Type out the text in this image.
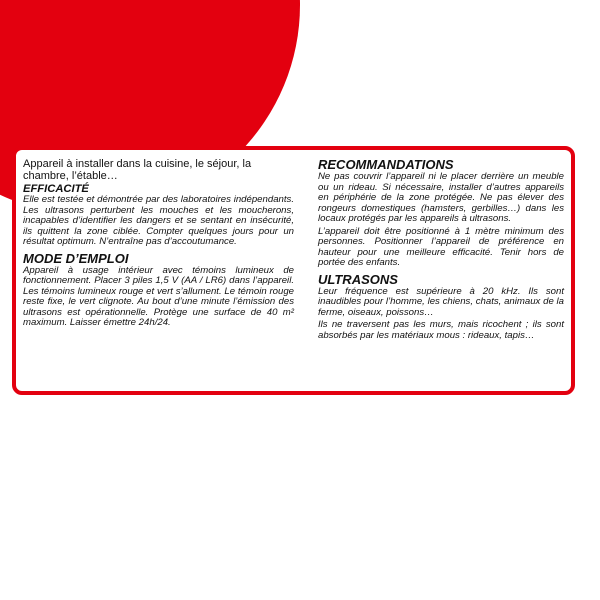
Appareil à installer dans la cuisine, le séjour, la chambre, l’étable…

EFFICACITÉ

Elle est testée et démontrée par des laboratoires indépendants. Les ultrasons perturbent les mouches et les moucherons, incapables d’identifier les dangers et se sentant en insécurité, ils quittent la zone ciblée. Compter quelques jours pour un résultat optimum. N’entraîne pas d’accoutumance.

MODE D’EMPLOI

Appareil à usage intérieur avec témoins lumineux de fonctionnement. Placer 3 piles 1,5 V (AA / LR6) dans l’appareil. Les témoins lumineux rouge et vert s’allument. Le témoin rouge reste fixe, le vert clignote. Au bout d’une minute l’émission des ultrasons est opérationnelle. Protège une surface de 40 m² maximum. Laisser émettre 24h/24.

RECOMMANDATIONS

Ne pas couvrir l’appareil ni le placer derrière un meuble ou un rideau. Si nécessaire, installer d’autres appareils en périphérie de la zone protégée. Ne pas élever des rongeurs domestiques (hamsters, gerbilles…) dans les locaux protégés par les appareils à ultrasons.

L’appareil doit être positionné à 1 mètre minimum des personnes. Positionner l’appareil de préférence en hauteur pour une meilleure efficacité. Tenir hors de portée des enfants.

ULTRASONS

Leur fréquence est supérieure à 20 kHz. Ils sont inaudibles pour l’homme, les chiens, chats, animaux de la ferme, oiseaux, poissons…

Ils ne traversent pas les murs, mais ricochent ; ils sont absorbés par les matériaux mous : rideaux, tapis…
